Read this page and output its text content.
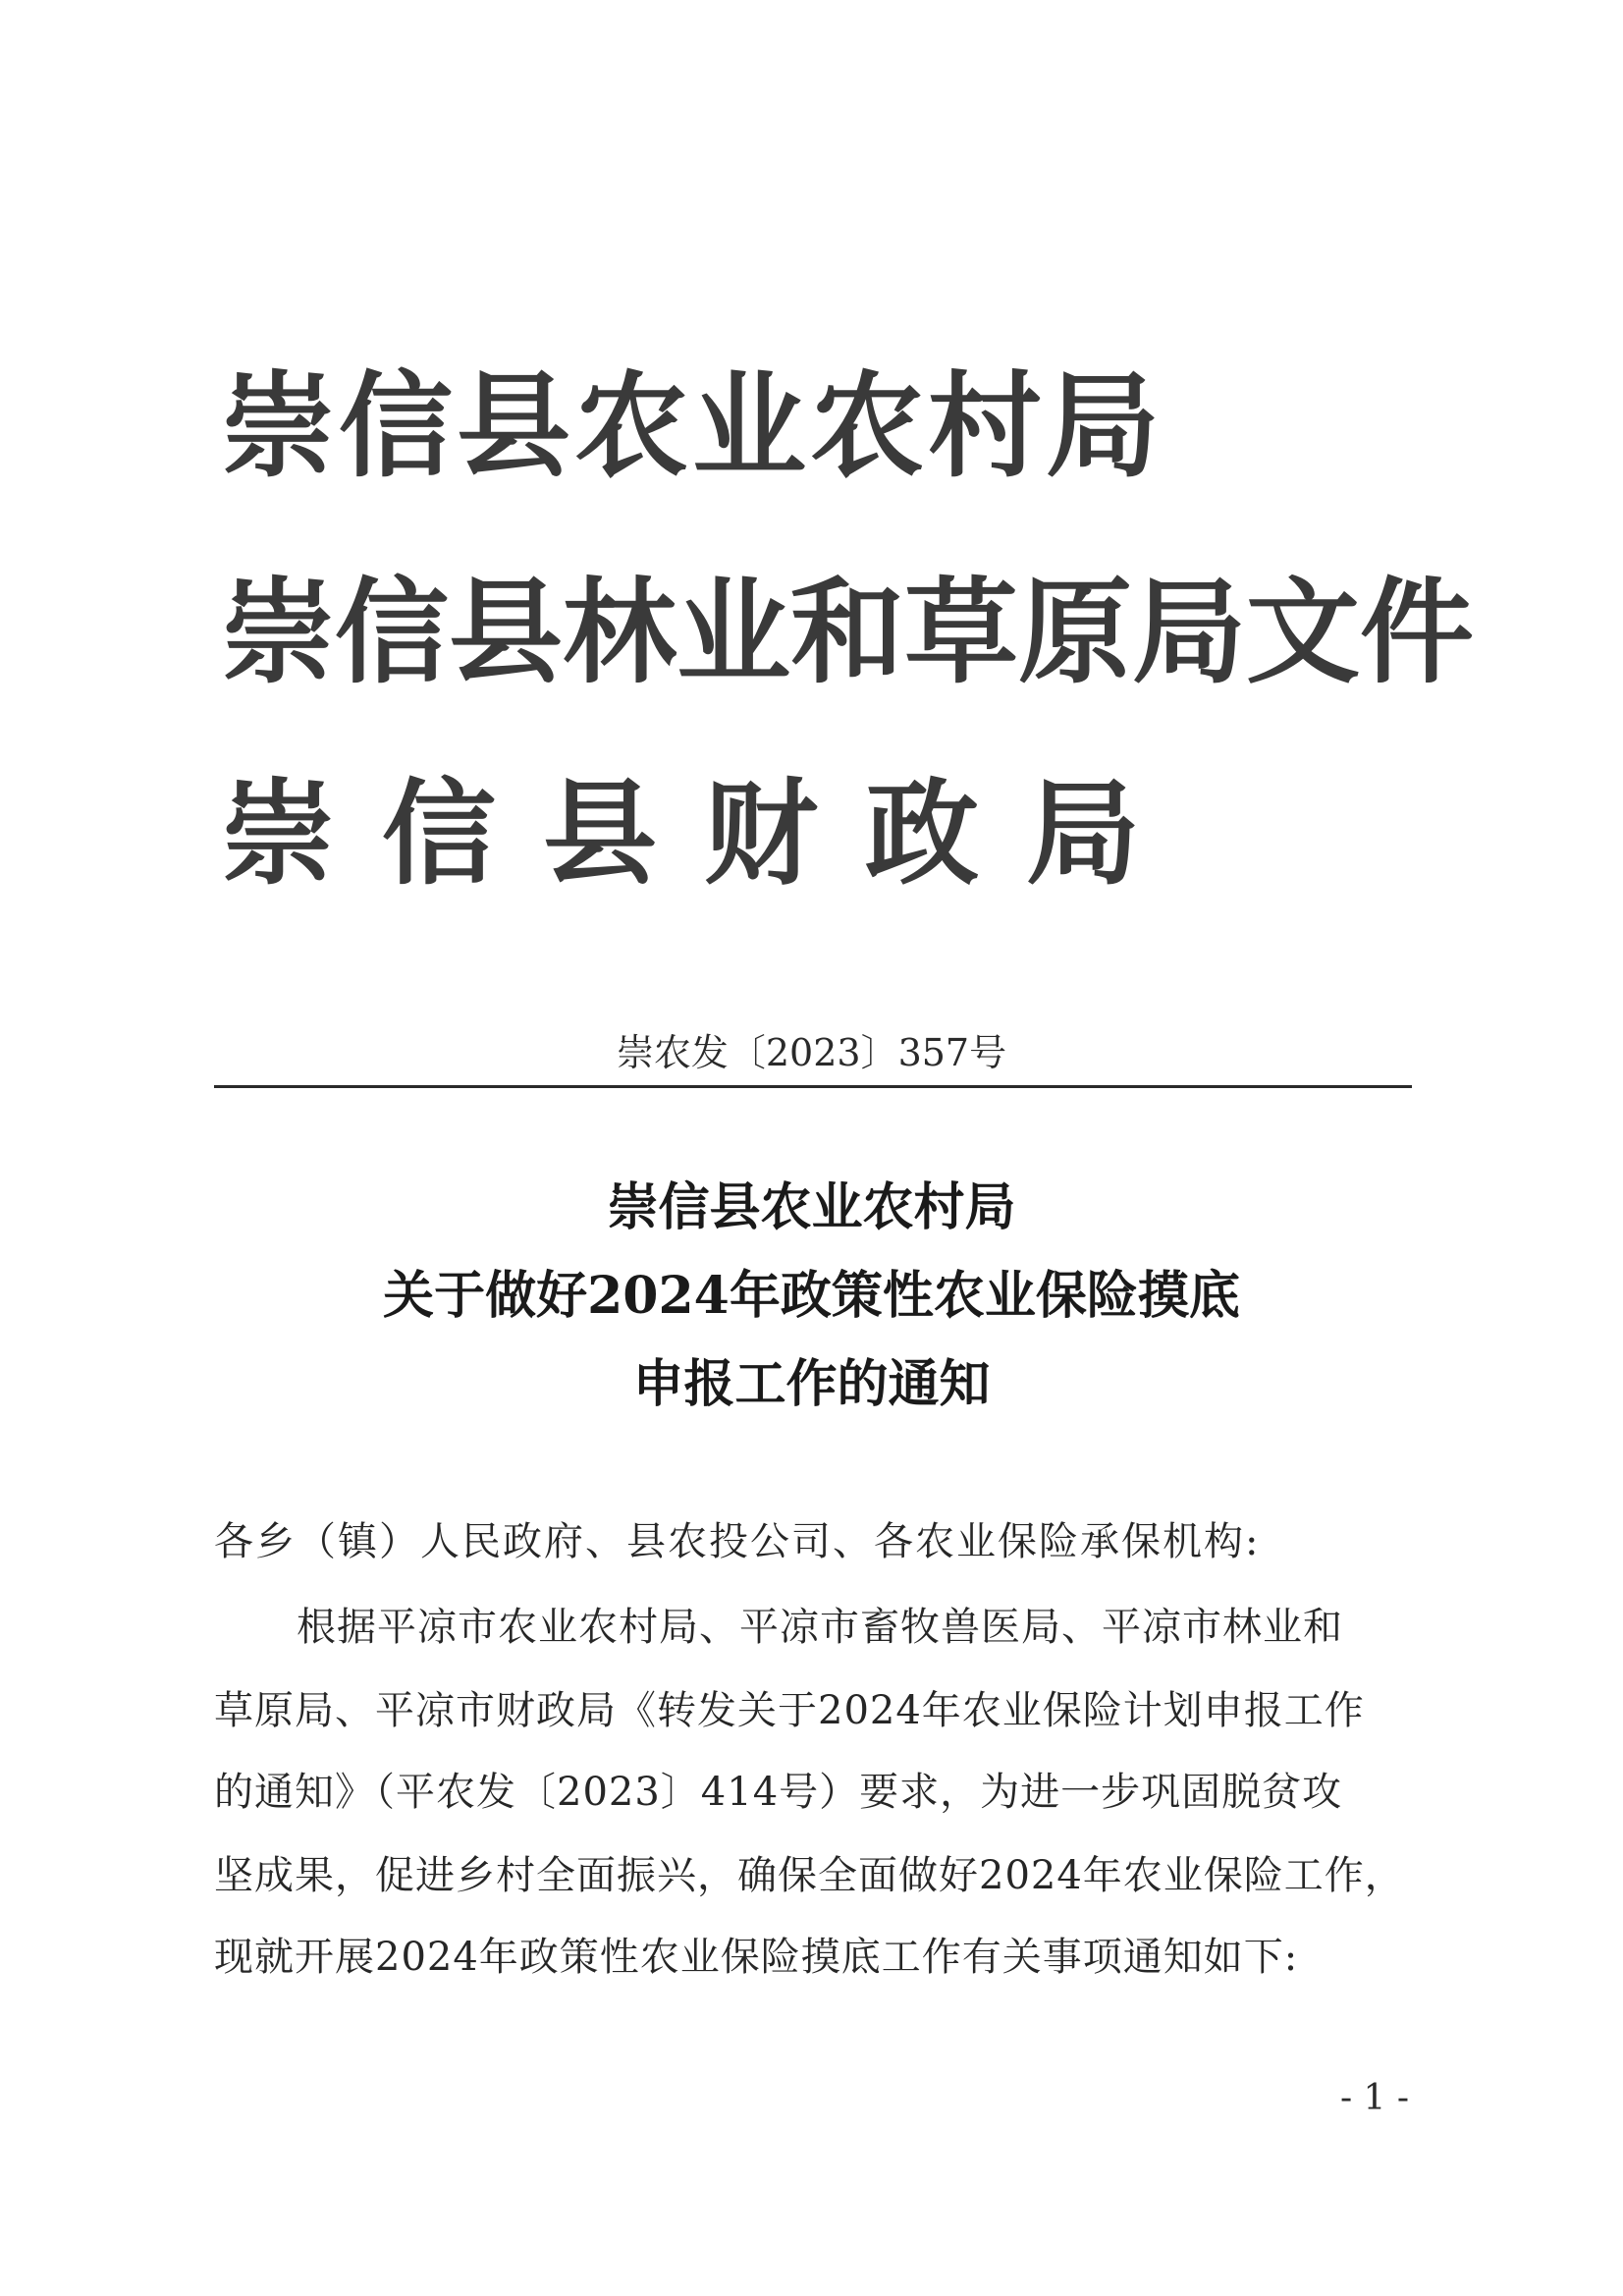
崇信县农业农村局
崇信县林业和草原局文件
崇信县财政局
崇农发〔2023〕357号
崇信县农业农村局
关于做好2024年政策性农业保险摸底
申报工作的通知
各乡（镇）人民政府、县农投公司、各农业保险承保机构:
根据平凉市农业农村局、平凉市畜牧兽医局、平凉市林业和
草原局、平凉市财政局《转发关于2024年农业保险计划申报工作
的通知》（平农发〔2023〕414号）要求，为进一步巩固脱贫攻
坚成果，促进乡村全面振兴，确保全面做好2024年农业保险工作，
现就开展2024年政策性农业保险摸底工作有关事项通知如下:
- 1 -
